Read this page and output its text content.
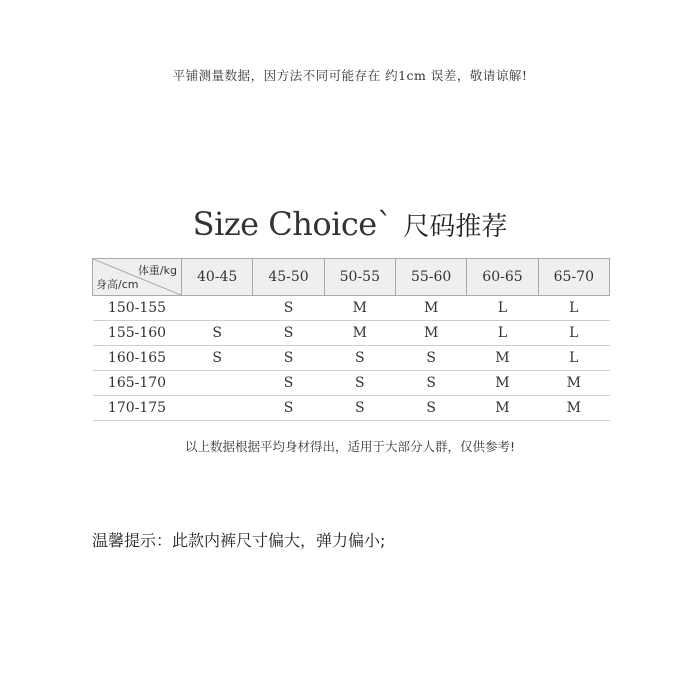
平铺测量数据，因方法不同可能存在 约1cm 误差，敬请谅解!
Size Choice` 尺码推荐
体重/kg
身高/cm	40-45	45-50	50-55	55-60	60-65	65-70
150-155		S	M	M	L	L
155-160	S	S	M	M	L	L
160-165	S	S	S	S	M	L
165-170		S	S	S	M	M
170-175		S	S	S	M	M
以上数据根据平均身材得出，适用于大部分人群，仅供参考!
温馨提示：此款内裤尺寸偏大，弹力偏小;
